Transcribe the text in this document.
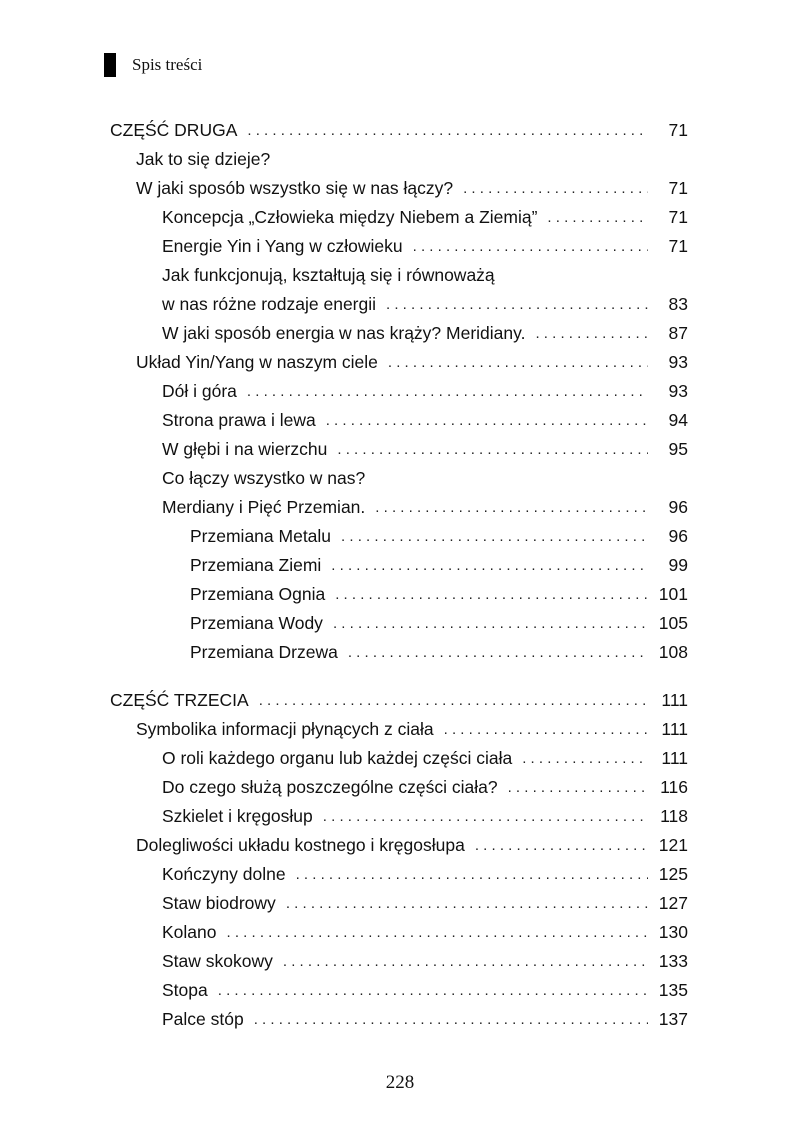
Spis treści
CZĘŚĆ DRUGA . . .	71
Jak to się dzieje?
W jaki sposób wszystko się w nas łączy? . . .	71
Koncepcja „Człowieka między Niebem a Ziemią” . . .	71
Energie Yin i Yang w człowieku . . .	71
Jak funkcjonują, kształtują się i równoważą
w nas różne rodzaje energii . . .	83
W jaki sposób energia w nas krąży? Meridiany. . . .	87
Układ Yin/Yang w naszym ciele . . .	93
Dół i góra . . .	93
Strona prawa i lewa . . .	94
W głębi i na wierzchu . . .	95
Co łączy wszystko w nas?
Merdiany i Pięć Przemian. . . .	96
Przemiana Metalu . . .	96
Przemiana Ziemi . . .	99
Przemiana Ognia . . .	101
Przemiana Wody . . .	105
Przemiana Drzewa . . .	108
CZĘŚĆ TRZECIA . . .	111
Symbolika informacji płynących z ciała . . .	111
O roli każdego organu lub każdej części ciała . . .	111
Do czego służą poszczególne części ciała? . . .	116
Szkielet i kręgosłup . . .	118
Dolegliwości układu kostnego i kręgosłupa . . .	121
Kończyny dolne . . .	125
Staw biodrowy . . .	127
Kolano . . .	130
Staw skokowy . . .	133
Stopa . . .	135
Palce stóp . . .	137
228
